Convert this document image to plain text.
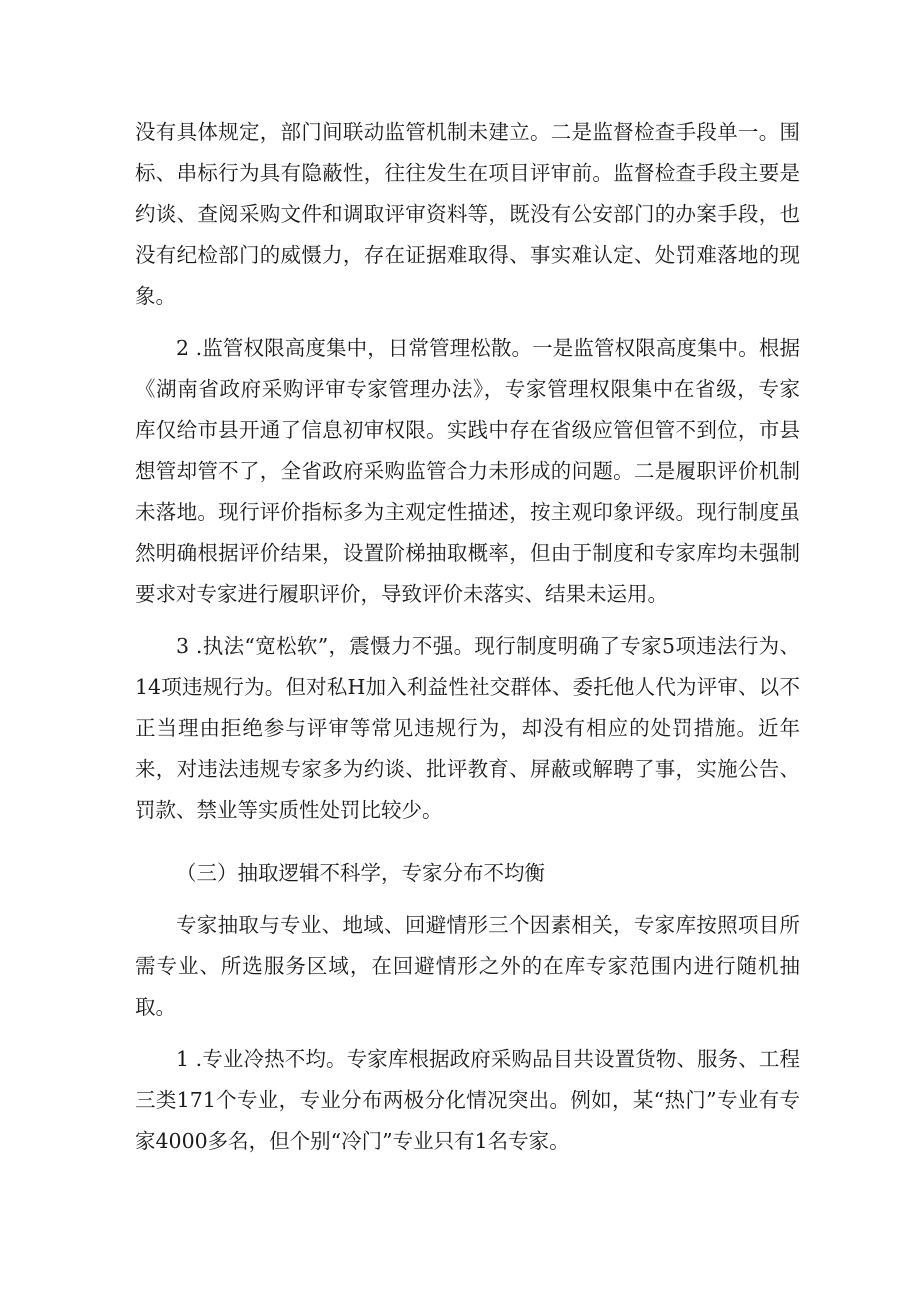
没有具体规定，部门间联动监管机制未建立。二是监督检查手段单一。围标、串标行为具有隐蔽性，往往发生在项目评审前。监督检查手段主要是约谈、查阅采购文件和调取评审资料等，既没有公安部门的办案手段，也没有纪检部门的威慑力，存在证据难取得、事实难认定、处罚难落地的现象。

2 .监管权限高度集中，日常管理松散。一是监管权限高度集中。根据《湖南省政府采购评审专家管理办法》，专家管理权限集中在省级，专家库仅给市县开通了信息初审权限。实践中存在省级应管但管不到位，市县想管却管不了，全省政府采购监管合力未形成的问题。二是履职评价机制未落地。现行评价指标多为主观定性描述，按主观印象评级。现行制度虽然明确根据评价结果，设置阶梯抽取概率，但由于制度和专家库均未强制要求对专家进行履职评价，导致评价未落实、结果未运用。

3 .执法“宽松软”，震慑力不强。现行制度明确了专家5项违法行为、14项违规行为。但对私H加入利益性社交群体、委托他人代为评审、以不正当理由拒绝参与评审等常见违规行为，却没有相应的处罚措施。近年来，对违法违规专家多为约谈、批评教育、屏蔽或解聘了事，实施公告、罚款、禁业等实质性处罚比较少。

（三）抽取逻辑不科学，专家分布不均衡

专家抽取与专业、地域、回避情形三个因素相关，专家库按照项目所需专业、所选服务区域，在回避情形之外的在库专家范围内进行随机抽取。

1 .专业冷热不均。专家库根据政府采购品目共设置货物、服务、工程三类171个专业，专业分布两极分化情况突出。例如，某“热门”专业有专家4000多名，但个别“冷门”专业只有1名专家。
